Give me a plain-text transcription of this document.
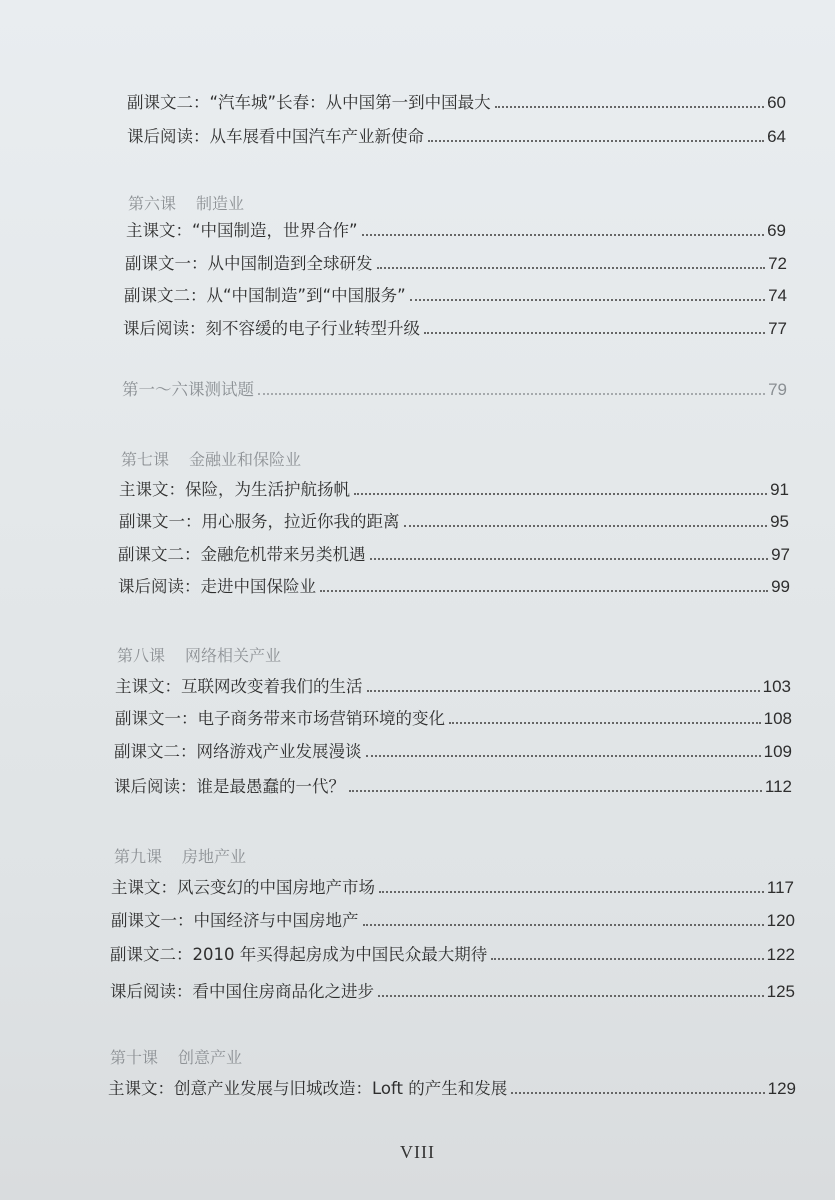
副课文二：“汽车城”长春：从中国第一到中国最大	60
课后阅读：从车展看中国汽车产业新使命	64
第六课 制造业
主课文：“中国制造，世界合作”	69
副课文一：从中国制造到全球研发	72
副课文二：从“中国制造”到“中国服务”	74
课后阅读：刻不容缓的电子行业转型升级	77
第一～六课测试题	79
第七课 金融业和保险业
主课文：保险，为生活护航扬帆	91
副课文一：用心服务，拉近你我的距离	95
副课文二：金融危机带来另类机遇	97
课后阅读：走进中国保险业	99
第八课 网络相关产业
主课文：互联网改变着我们的生活	103
副课文一：电子商务带来市场营销环境的变化	108
副课文二：网络游戏产业发展漫谈	109
课后阅读：谁是最愚蠢的一代？	112
第九课 房地产业
主课文：风云变幻的中国房地产市场	117
副课文一：中国经济与中国房地产	120
副课文二：2010 年买得起房成为中国民众最大期待	122
课后阅读：看中国住房商品化之进步	125
第十课 创意产业
主课文：创意产业发展与旧城改造：Loft 的产生和发展	129
VIII
